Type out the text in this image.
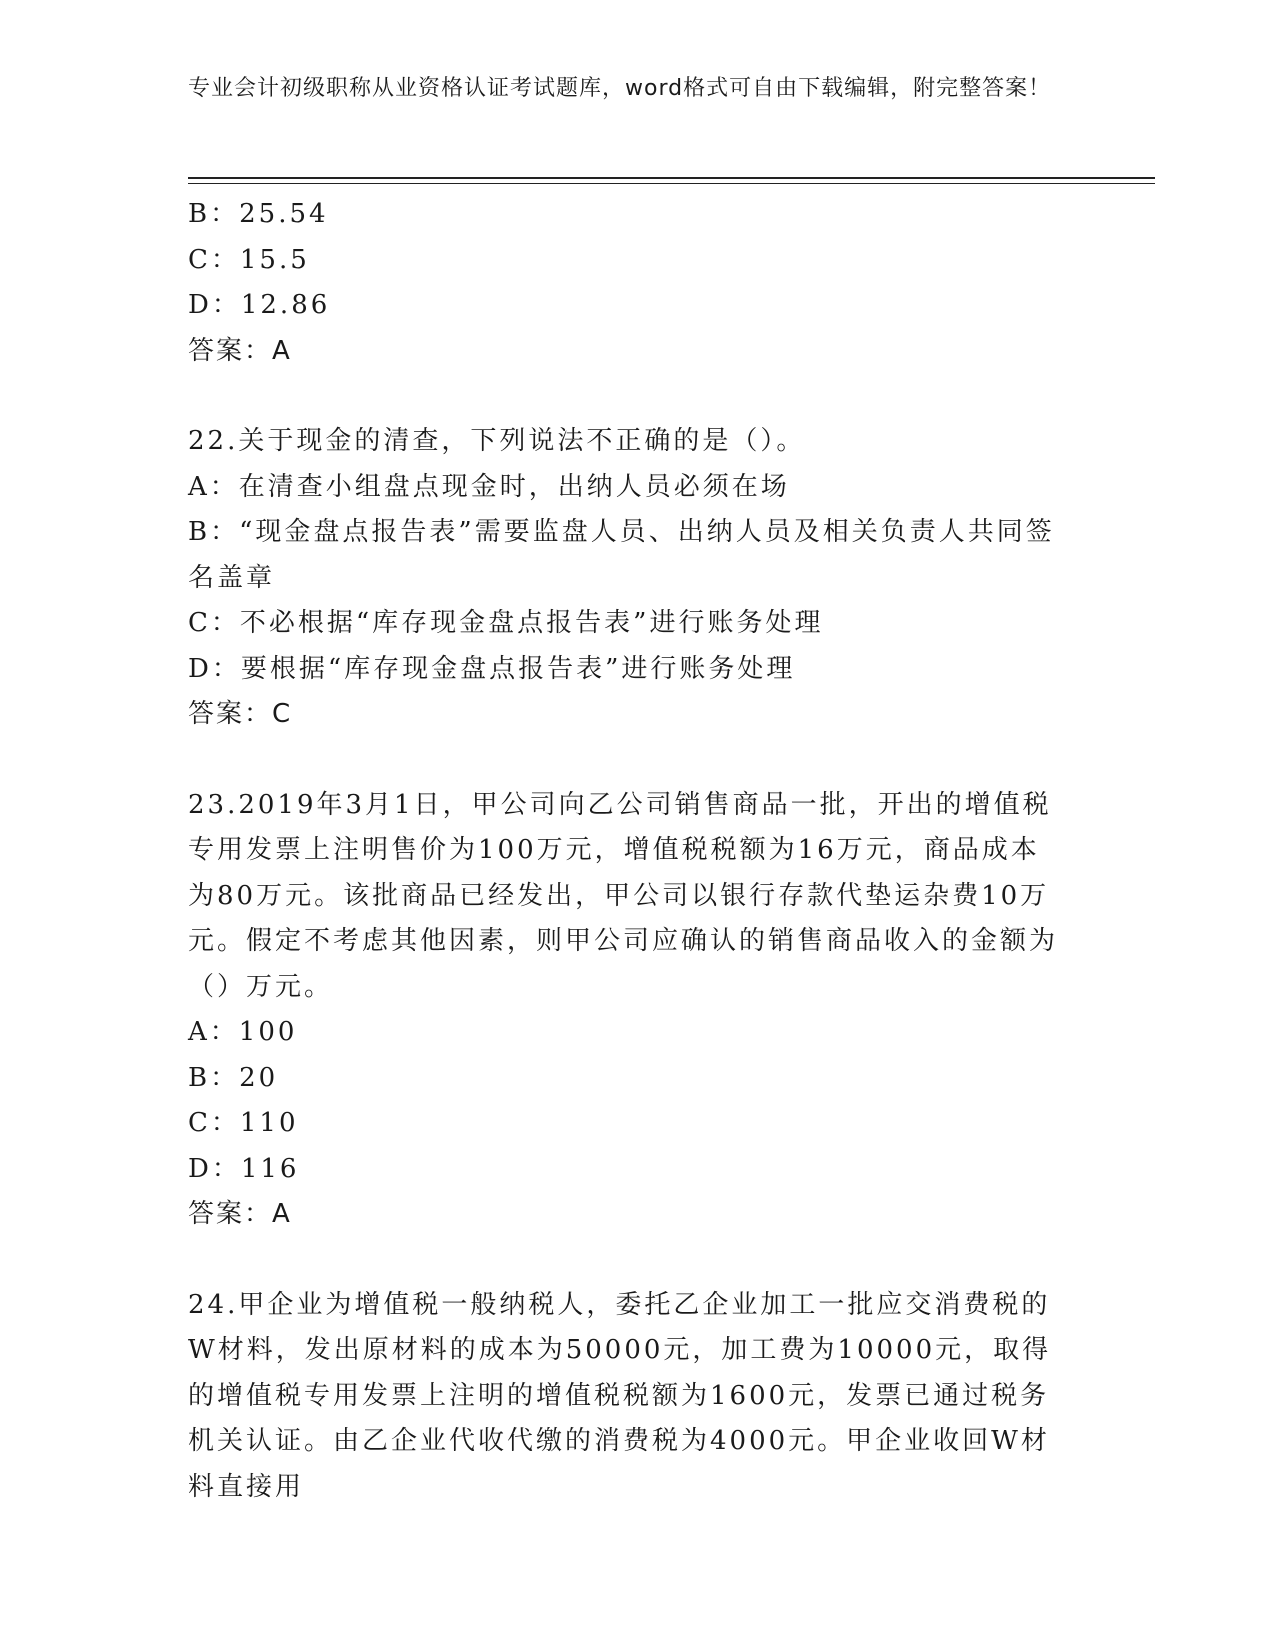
专业会计初级职称从业资格认证考试题库，word格式可自由下载编辑，附完整答案！
B：25.54
C：15.5
D：12.86
答案：A
22.关于现金的清查，下列说法不正确的是（）。
A：在清查小组盘点现金时，出纳人员必须在场
B：“现金盘点报告表”需要监盘人员、出纳人员及相关负责人共同签名盖章
C：不必根据“库存现金盘点报告表”进行账务处理
D：要根据“库存现金盘点报告表”进行账务处理
答案：C
23.2019年3月1日，甲公司向乙公司销售商品一批，开出的增值税专用发票上注明售价为100万元，增值税税额为16万元，商品成本为80万元。该批商品已经发出，甲公司以银行存款代垫运杂费10万元。假定不考虑其他因素，则甲公司应确认的销售商品收入的金额为（）万元。
A：100
B：20
C：110
D：116
答案：A
24.甲企业为增值税一般纳税人，委托乙企业加工一批应交消费税的W材料，发出原材料的成本为50000元，加工费为10000元，取得的增值税专用发票上注明的增值税税额为1600元，发票已通过税务机关认证。由乙企业代收代缴的消费税为4000元。甲企业收回W材料直接用
